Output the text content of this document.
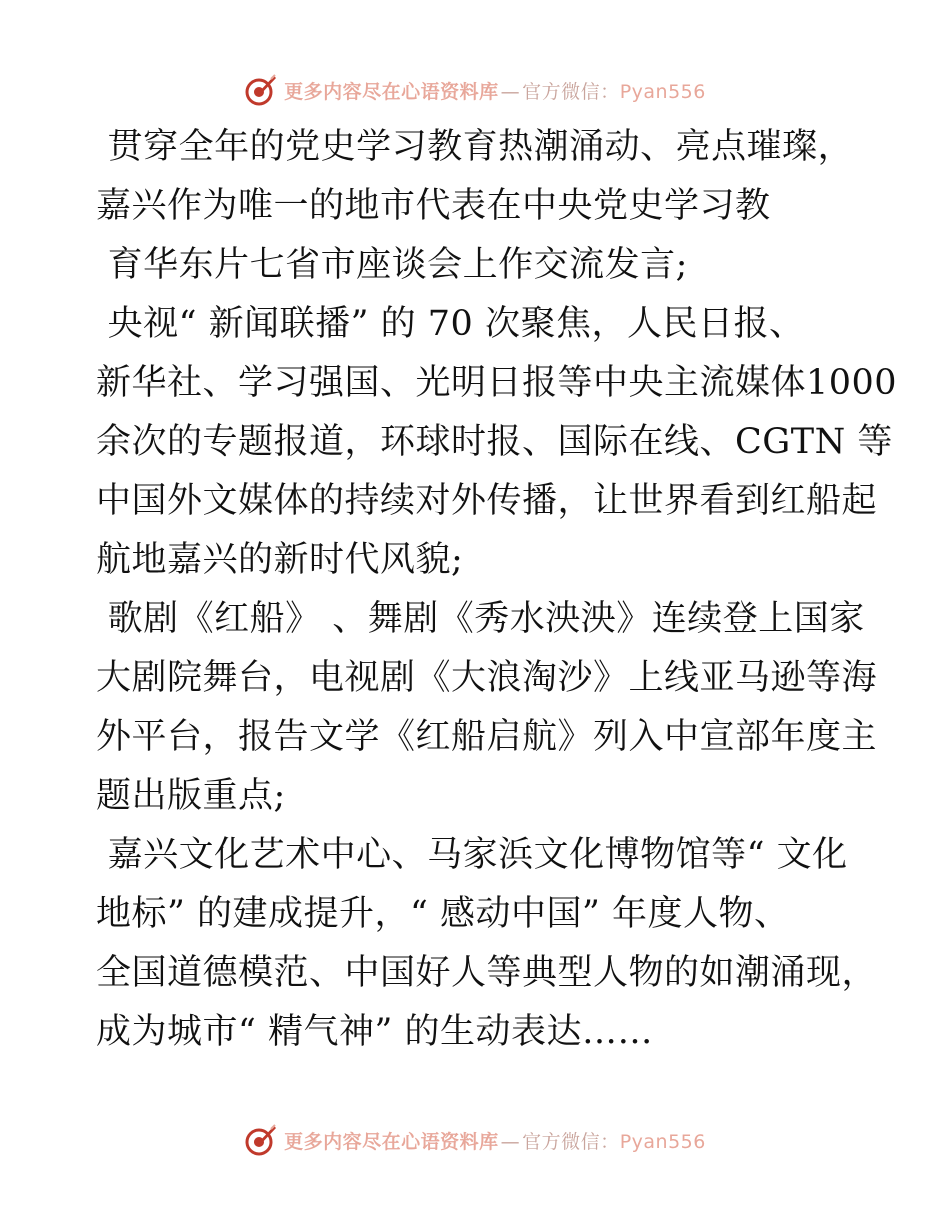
更多内容尽在心语资料库 — 官方微信： Pyan556
贯穿全年的党史学习教育热潮涌动、亮点璀璨，
嘉兴作为唯一的地市代表在中央党史学习教
育华东片七省市座谈会上作交流发言;
央视“ 新闻联播” 的 70 次聚焦，人民日报、
新华社、学习强国、光明日报等中央主流媒体1000
余次的专题报道，环球时报、国际在线、CGTN 等
中国外文媒体的持续对外传播，让世界看到红船起
航地嘉兴的新时代风貌;
歌剧《红船》 、舞剧《秀水泱泱》连续登上国家
大剧院舞台，电视剧《大浪淘沙》上线亚马逊等海
外平台，报告文学《红船启航》列入中宣部年度主
题出版重点;
嘉兴文化艺术中心、马家浜文化博物馆等“ 文化
地标” 的建成提升，“ 感动中国” 年度人物、
全国道德模范、中国好人等典型人物的如潮涌现，
成为城市“ 精气神” 的生动表达……
更多内容尽在心语资料库 — 官方微信： Pyan556
